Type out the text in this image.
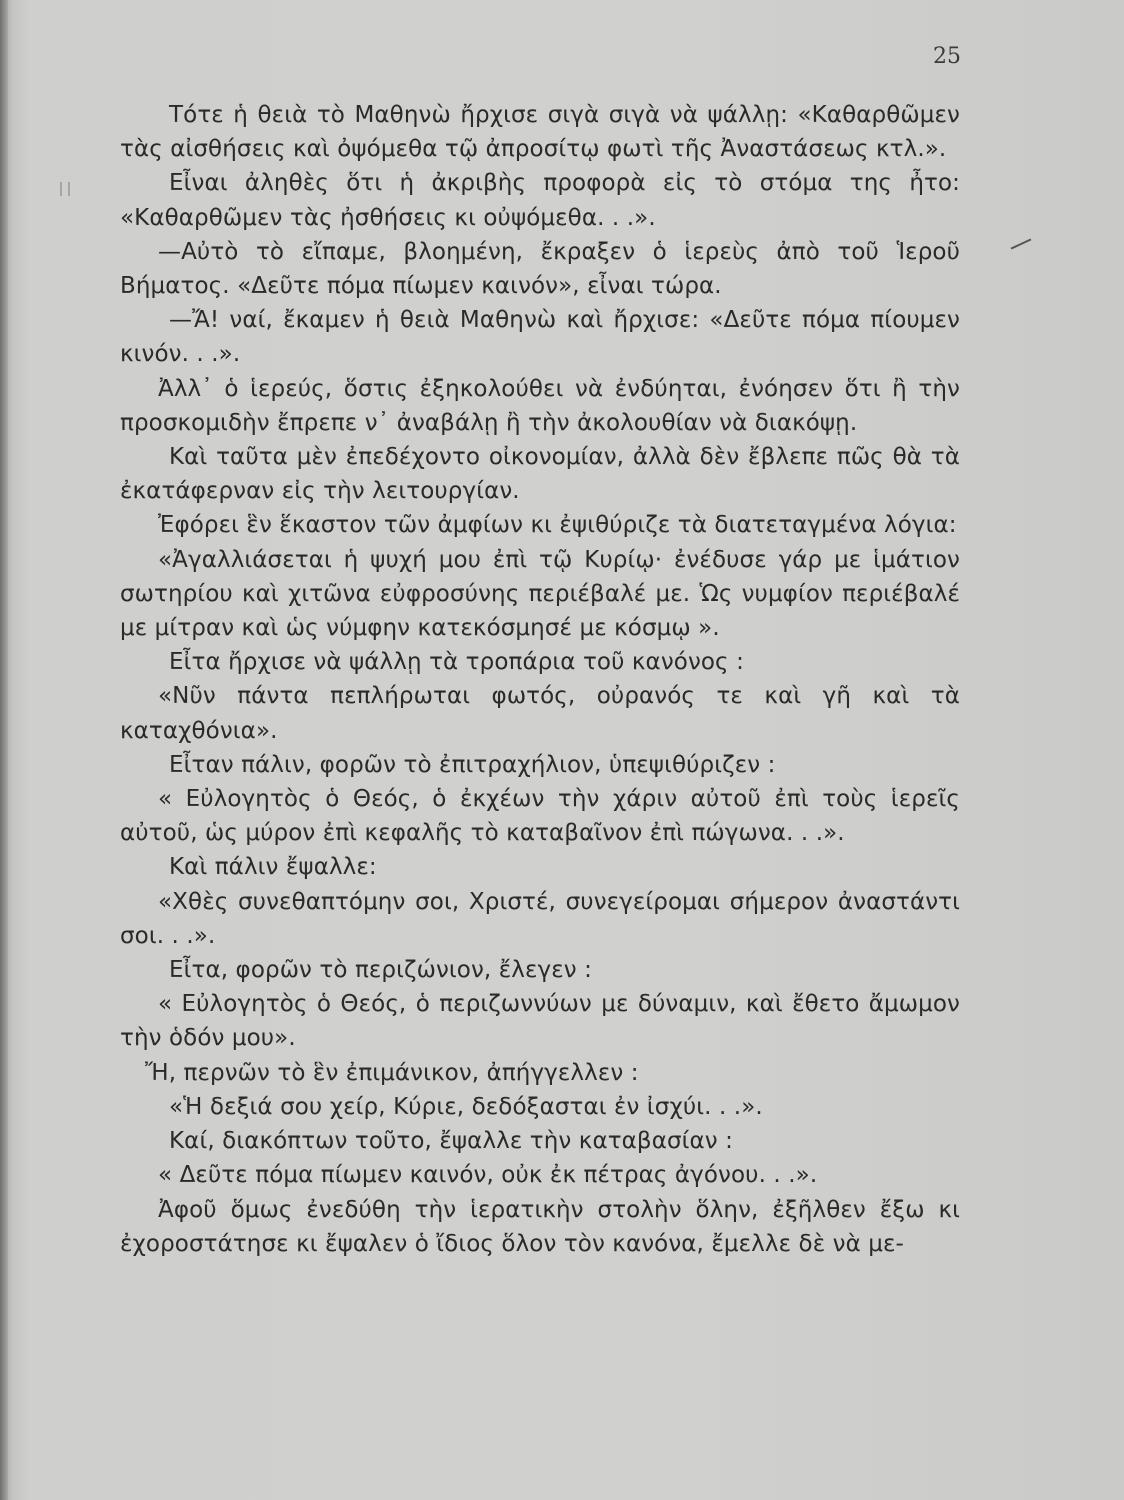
25

Τότε ἡ θειὰ τὸ Μαθηνὼ ἤρχισε σιγὰ σιγὰ νὰ ψάλλῃ: «Καθαρθῶμεν τὰς αἰσθήσεις καὶ ὀψόμεθα τῷ ἀπροσίτῳ φωτὶ τῆς Ἀναστάσεως κτλ.».

Εἶναι ἀληθὲς ὅτι ἡ ἀκριβὴς προφορὰ εἰς τὸ στόμα της ἦτο: «Καθαρθῶμεν τὰς ἠσθήσεις κι οὐψόμεθα. . .».

—Αὐτὸ τὸ εἴπαμε, βλοημένη, ἔκραξεν ὁ ἱερεὺς ἀπὸ τοῦ Ἱεροῦ Βήματος. «Δεῦτε πόμα πίωμεν καινόν», εἶναι τώρα.

—Ἄ! ναί, ἔκαμεν ἡ θειὰ Μαθηνὼ καὶ ἤρχισε: «Δεῦτε πόμα πίουμεν κινόν. . .».

Ἀλλ᾽ ὁ ἱερεύς, ὅστις ἐξηκολούθει νὰ ἐνδύηται, ἐνόησεν ὅτι ἢ τὴν προσκομιδὴν ἔπρεπε ν᾽ ἀναβάλῃ ἢ τὴν ἀκολουθίαν νὰ διακόψῃ.

Καὶ ταῦτα μὲν ἐπεδέχοντο οἰκονομίαν, ἀλλὰ δὲν ἔβλεπε πῶς θὰ τὰ ἐκατάφερναν εἰς τὴν λειτουργίαν.

Ἐφόρει ἓν ἕκαστον τῶν ἀμφίων κι ἐψιθύριζε τὰ διατεταγμένα λόγια:

«Ἀγαλλιάσεται ἡ ψυχή μου ἐπὶ τῷ Κυρίῳ· ἐνέδυσε γάρ με ἱμάτιον σωτηρίου καὶ χιτῶνα εὐφροσύνης περιέβαλέ με. Ὡς νυμφίον περιέβαλέ με μίτραν καὶ ὡς νύμφην κατεκόσμησέ με κόσμῳ ».

Εἶτα ἤρχισε νὰ ψάλλῃ τὰ τροπάρια τοῦ κανόνος :

«Νῦν πάντα πεπλήρωται φωτός, οὐρανός τε καὶ γῆ καὶ τὰ καταχθόνια».

Εἶταν πάλιν, φορῶν τὸ ἐπιτραχήλιον, ὑπεψιθύριζεν :

« Εὐλογητὸς ὁ Θεός, ὁ ἐκχέων τὴν χάριν αὐτοῦ ἐπὶ τοὺς ἱερεῖς αὐτοῦ, ὡς μύρον ἐπὶ κεφαλῆς τὸ καταβαῖνον ἐπὶ πώγωνα. . .».

Καὶ πάλιν ἔψαλλε:

«Χθὲς συνεθαπτόμην σοι, Χριστέ, συνεγείρομαι σήμερον ἀναστάντι σοι. . .».

Εἶτα, φορῶν τὸ περιζώνιον, ἔλεγεν :

« Εὐλογητὸς ὁ Θεός, ὁ περιζωννύων με δύναμιν, καὶ ἔθετο ἄμωμον τὴν ὁδόν μου».

Ἤ, περνῶν τὸ ἓν ἐπιμάνικον, ἀπήγγελλεν :

«Ἡ δεξιά σου χείρ, Κύριε, δεδόξασται ἐν ἰσχύι. . .».

Καί, διακόπτων τοῦτο, ἔψαλλε τὴν καταβασίαν :

« Δεῦτε πόμα πίωμεν καινόν, οὐκ ἐκ πέτρας ἀγόνου. . .».

Ἀφοῦ ὅμως ἐνεδύθη τὴν ἱερατικὴν στολὴν ὅλην, ἐξῆλθεν ἔξω κι ἐχοροστάτησε κι ἔψαλεν ὁ ἴδιος ὅλον τὸν κανόνα, ἔμελλε δὲ νὰ με-
